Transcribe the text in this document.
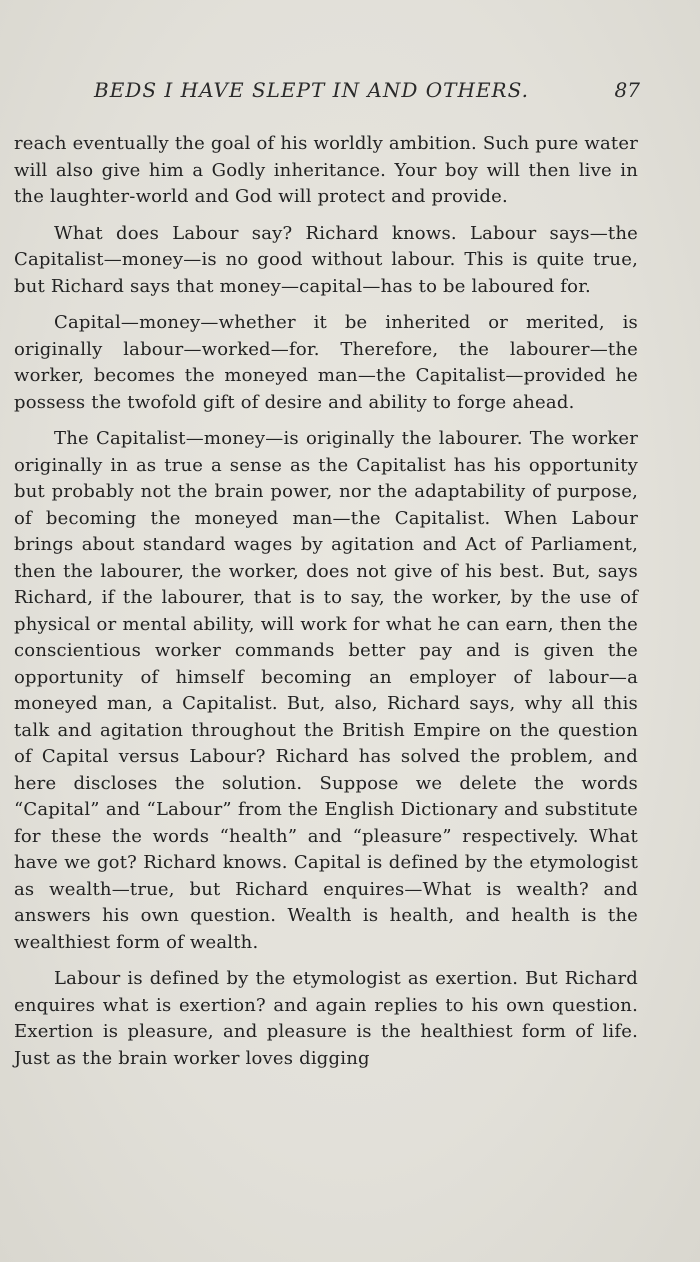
BEDS I HAVE SLEPT IN AND OTHERS.	87

reach eventually the goal of his worldly ambition. Such pure water will also give him a Godly inheritance. Your boy will then live in the laughter-world and God will protect and provide.

What does Labour say? Richard knows. Labour says—the Capitalist—money—is no good without labour. This is quite true, but Richard says that money—capital—has to be laboured for.

Capital—money—whether it be inherited or merited, is originally labour—worked—for. Therefore, the labourer—the worker, becomes the moneyed man—the Capitalist—provided he possess the twofold gift of desire and ability to forge ahead.

The Capitalist—money—is originally the labourer. The worker originally in as true a sense as the Capitalist has his opportunity but probably not the brain power, nor the adaptability of purpose, of becoming the moneyed man—the Capitalist. When Labour brings about standard wages by agitation and Act of Parliament, then the labourer, the worker, does not give of his best. But, says Richard, if the labourer, that is to say, the worker, by the use of physical or mental ability, will work for what he can earn, then the conscientious worker commands better pay and is given the opportunity of himself becoming an employer of labour—a moneyed man, a Capitalist. But, also, Richard says, why all this talk and agitation throughout the British Empire on the question of Capital versus Labour? Richard has solved the problem, and here discloses the solution. Suppose we delete the words “Capital” and “Labour” from the English Dictionary and substitute for these the words “health” and “pleasure” respectively. What have we got? Richard knows. Capital is defined by the etymologist as wealth—true, but Richard enquires—What is wealth? and answers his own question. Wealth is health, and health is the wealthiest form of wealth.

Labour is defined by the etymologist as exertion. But Richard enquires what is exertion? and again replies to his own question. Exertion is pleasure, and pleasure is the healthiest form of life. Just as the brain worker loves digging
